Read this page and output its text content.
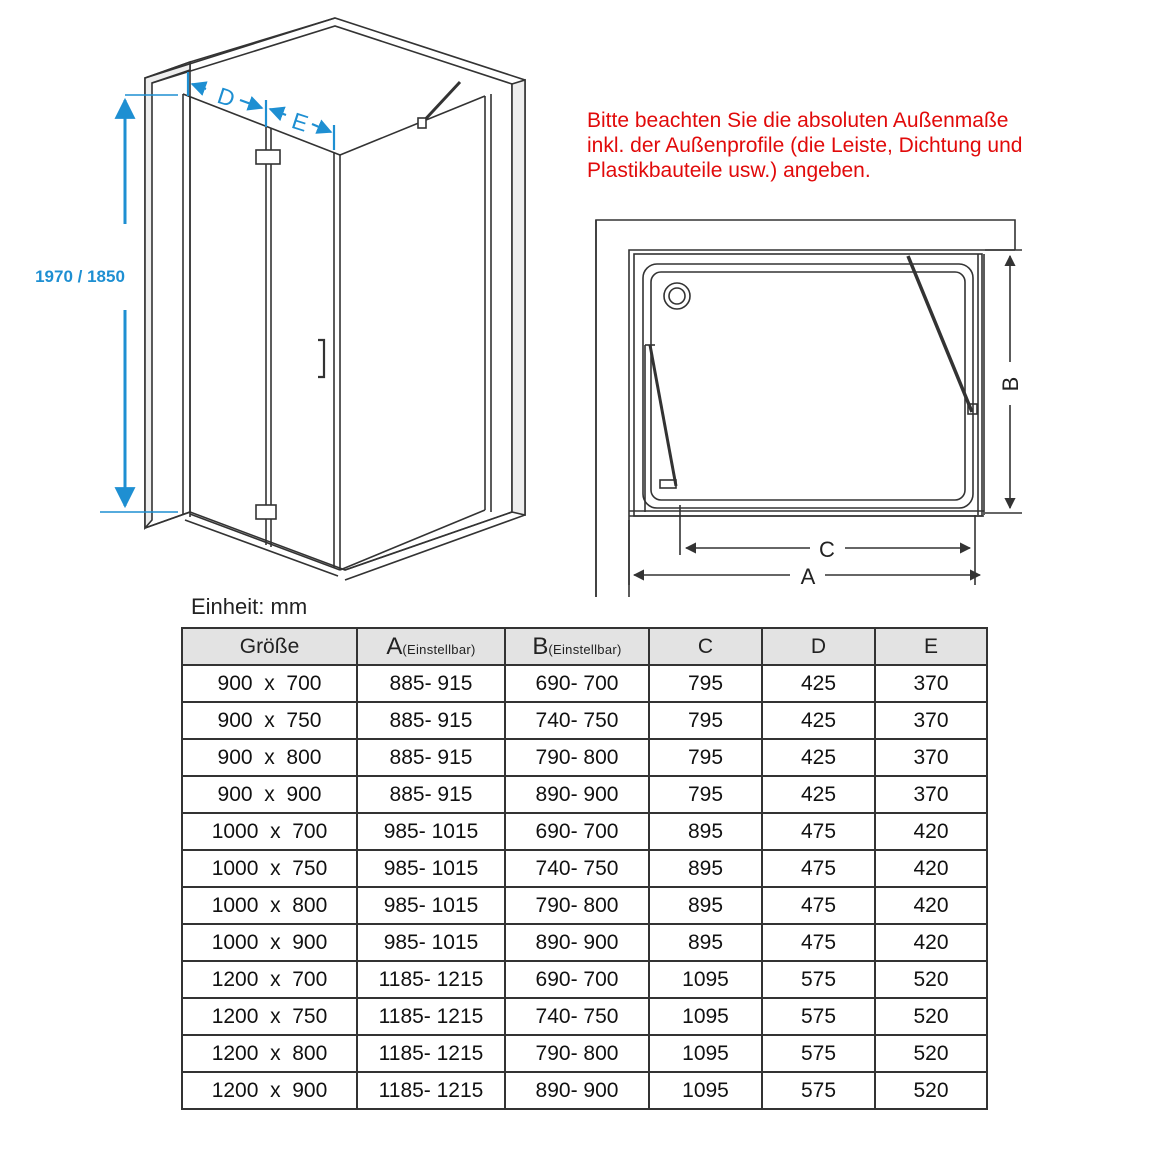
1970 / 1850
D
E
B
C
A
Bitte beachten Sie die absoluten Außenmaße
inkl. der Außenprofile (die Leiste, Dichtung und
Plastikbauteile usw.) angeben.
Einheit: mm
Größe	A(Einstellbar)	B(Einstellbar)	C	D	E
900  x  700	885- 915	690- 700	795	425	370
900  x  750	885- 915	740- 750	795	425	370
900  x  800	885- 915	790- 800	795	425	370
900  x  900	885- 915	890- 900	795	425	370
1000  x  700	985- 1015	690- 700	895	475	420
1000  x  750	985- 1015	740- 750	895	475	420
1000  x  800	985- 1015	790- 800	895	475	420
1000  x  900	985- 1015	890- 900	895	475	420
1200  x  700	1185- 1215	690- 700	1095	575	520
1200  x  750	1185- 1215	740- 750	1095	575	520
1200  x  800	1185- 1215	790- 800	1095	575	520
1200  x  900	1185- 1215	890- 900	1095	575	520
